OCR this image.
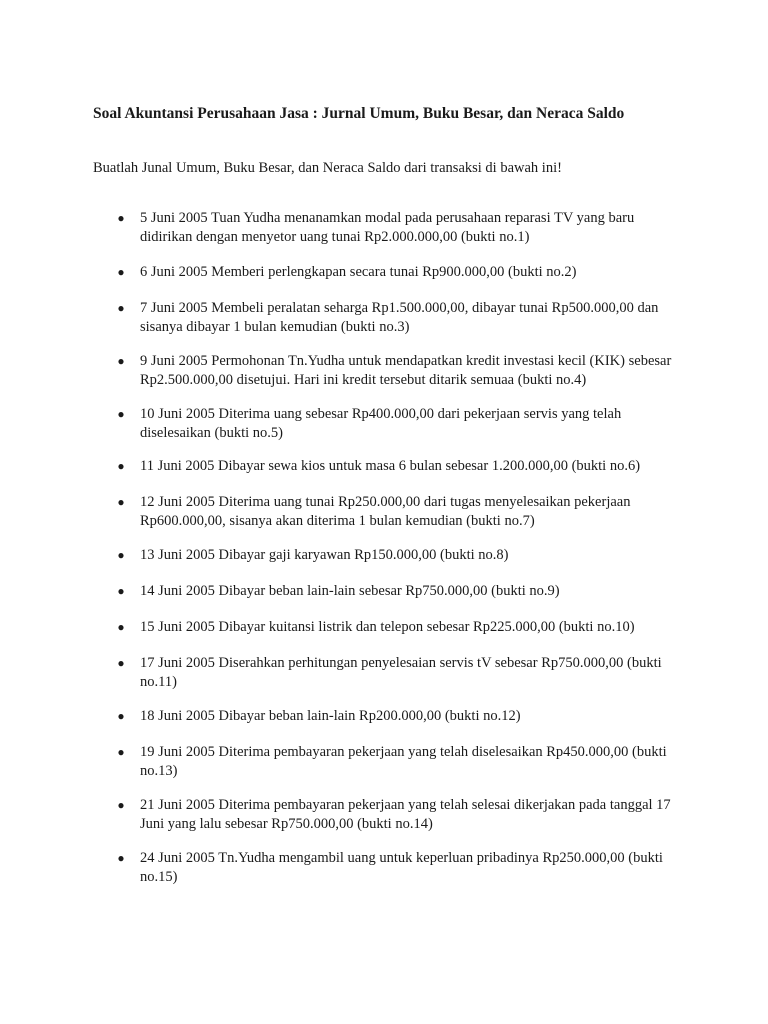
Soal Akuntansi Perusahaan Jasa : Jurnal Umum, Buku Besar, dan Neraca Saldo

Buatlah Junal Umum, Buku Besar, dan Neraca Saldo dari transaksi di bawah ini!

● 5 Juni 2005 Tuan Yudha menanamkan modal pada perusahaan reparasi TV yang baru didirikan dengan menyetor uang tunai Rp2.000.000,00 (bukti no.1)
● 6 Juni 2005 Memberi perlengkapan secara tunai Rp900.000,00 (bukti no.2)
● 7 Juni 2005 Membeli peralatan seharga Rp1.500.000,00, dibayar tunai Rp500.000,00 dan sisanya dibayar 1 bulan kemudian (bukti no.3)
● 9 Juni 2005 Permohonan Tn.Yudha untuk mendapatkan kredit investasi kecil (KIK) sebesar Rp2.500.000,00 disetujui. Hari ini kredit tersebut ditarik semuaa (bukti no.4)
● 10 Juni 2005 Diterima uang sebesar Rp400.000,00 dari pekerjaan servis yang telah diselesaikan (bukti no.5)
● 11 Juni 2005 Dibayar sewa kios untuk masa 6 bulan sebesar 1.200.000,00 (bukti no.6)
● 12 Juni 2005 Diterima uang tunai Rp250.000,00 dari tugas menyelesaikan pekerjaan Rp600.000,00, sisanya akan diterima 1 bulan kemudian (bukti no.7)
● 13 Juni 2005 Dibayar gaji karyawan Rp150.000,00 (bukti no.8)
● 14 Juni 2005 Dibayar beban lain-lain sebesar Rp750.000,00 (bukti no.9)
● 15 Juni 2005 Dibayar kuitansi listrik dan telepon sebesar Rp225.000,00 (bukti no.10)
● 17 Juni 2005 Diserahkan perhitungan penyelesaian servis tV sebesar Rp750.000,00 (bukti no.11)
● 18 Juni 2005 Dibayar beban lain-lain Rp200.000,00 (bukti no.12)
● 19 Juni 2005 Diterima pembayaran pekerjaan yang telah diselesaikan Rp450.000,00 (bukti no.13)
● 21 Juni 2005 Diterima pembayaran pekerjaan yang telah selesai dikerjakan pada tanggal 17 Juni yang lalu sebesar Rp750.000,00 (bukti no.14)
● 24 Juni 2005 Tn.Yudha mengambil uang untuk keperluan pribadinya Rp250.000,00 (bukti no.15)
